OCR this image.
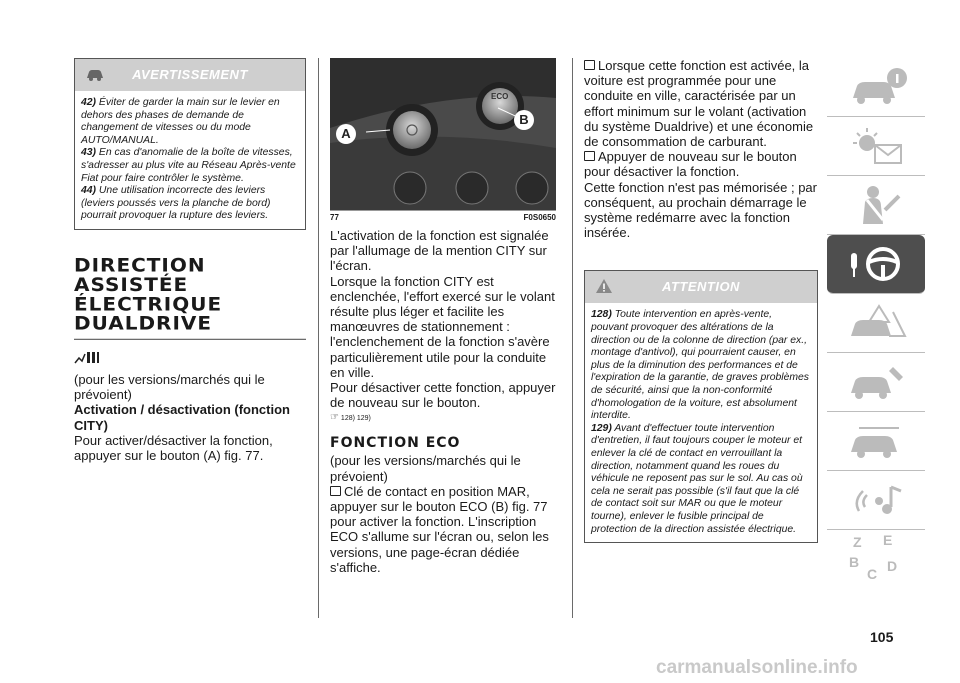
AVERTISSEMENT

42) Éviter de garder la main sur le levier en dehors des phases de demande de changement de vitesses ou du mode AUTO/MANUAL.

43) En cas d'anomalie de la boîte de vitesses, s'adresser au plus vite au Réseau Après-vente Fiat pour faire contrôler le système.

44) Une utilisation incorrecte des leviers (leviers poussés vers la planche de bord) pourrait provoquer la rupture des leviers.

DIRECTION
ASSISTÉE
ÉLECTRIQUE
DUALDRIVE

(pour les versions/marchés qui le prévoient)

Activation / désactivation (fonction CITY)

Pour activer/désactiver la fonction, appuyer sur le bouton (A) fig. 77.

ECO
A
B
77	F0S0650

L'activation de la fonction est signalée par l'allumage de la mention CITY sur l'écran.

Lorsque la fonction CITY est enclenchée, l'effort exercé sur le volant résulte plus léger et facilite les manœuvres de stationnement : l'enclenchement de la fonction s'avère particulièrement utile pour la conduite en ville.

Pour désactiver cette fonction, appuyer de nouveau sur le bouton.

☞ 128) 129)
FONCTION ECO

(pour les versions/marchés qui le prévoient)

Clé de contact en position MAR, appuyer sur le bouton ECO (B) fig. 77 pour activer la fonction. L'inscription ECO s'allume sur l'écran ou, selon les versions, une page-écran dédiée s'affiche.

Lorsque cette fonction est activée, la voiture est programmée pour une conduite en ville, caractérisée par un effort minimum sur le volant (activation du système Dualdrive) et une économie de consommation de carburant.

Appuyer de nouveau sur le bouton pour désactiver la fonction.

Cette fonction n'est pas mémorisée ; par conséquent, au prochain démarrage le système redémarre avec la fonction insérée.

ATTENTION

128) Toute intervention en après-vente, pouvant provoquer des altérations de la direction ou de la colonne de direction (par ex., montage d'antivol), qui pourraient causer, en plus de la diminution des performances et de l'expiration de la garantie, de graves problèmes de sécurité, ainsi que la non-conformité d'homologation de la voiture, est absolument interdite.

129) Avant d'effectuer toute intervention d'entretien, il faut toujours couper le moteur et enlever la clé de contact en verrouillant la direction, notamment quand les roues du véhicule ne reposent pas sur le sol. Au cas où cela ne serait pas possible (s'il faut que la clé de contact soit sur MAR ou que le moteur tourne), enlever le fusible principal de protection de la direction assistée électrique.

Z E
B
C D
105
carmanualsonline.info
